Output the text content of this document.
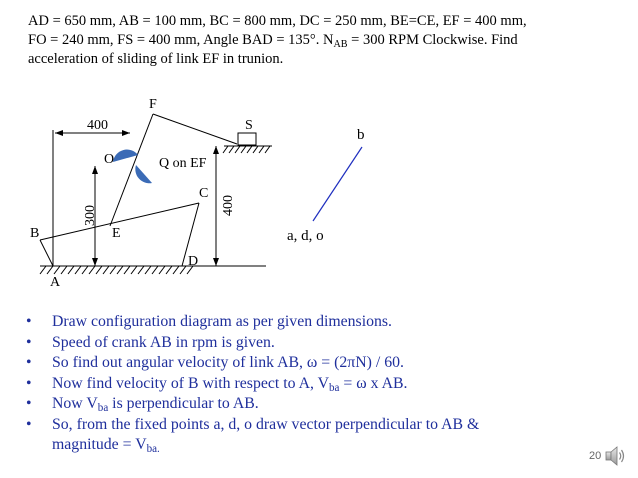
AD = 650 mm, AB = 100 mm, BC = 800 mm, DC = 250 mm, BE=CE, EF = 400 mm,
FO = 240 mm, FS = 400 mm, Angle BAD = 135°. $N_{AB} = 300$ RPM Clockwise. Find
acceleration of sliding of link EF in trunion.
400
300	400
F
S
O	Q on EF
C
B	E
D
A
b
a, d, o
• Draw configuration diagram as per given dimensions.
• Speed of crank AB in rpm is given.
• So find out angular velocity of link AB, ω = (2πN) / 60.
• Now find velocity of B with respect to A, $V_{ba} = \omega$ x AB.
• Now $V_{ba}$ is perpendicular to AB.
• So, from the fixed points a, d, o draw vector perpendicular to AB &
magnitude = $V_{ba.}$
20
